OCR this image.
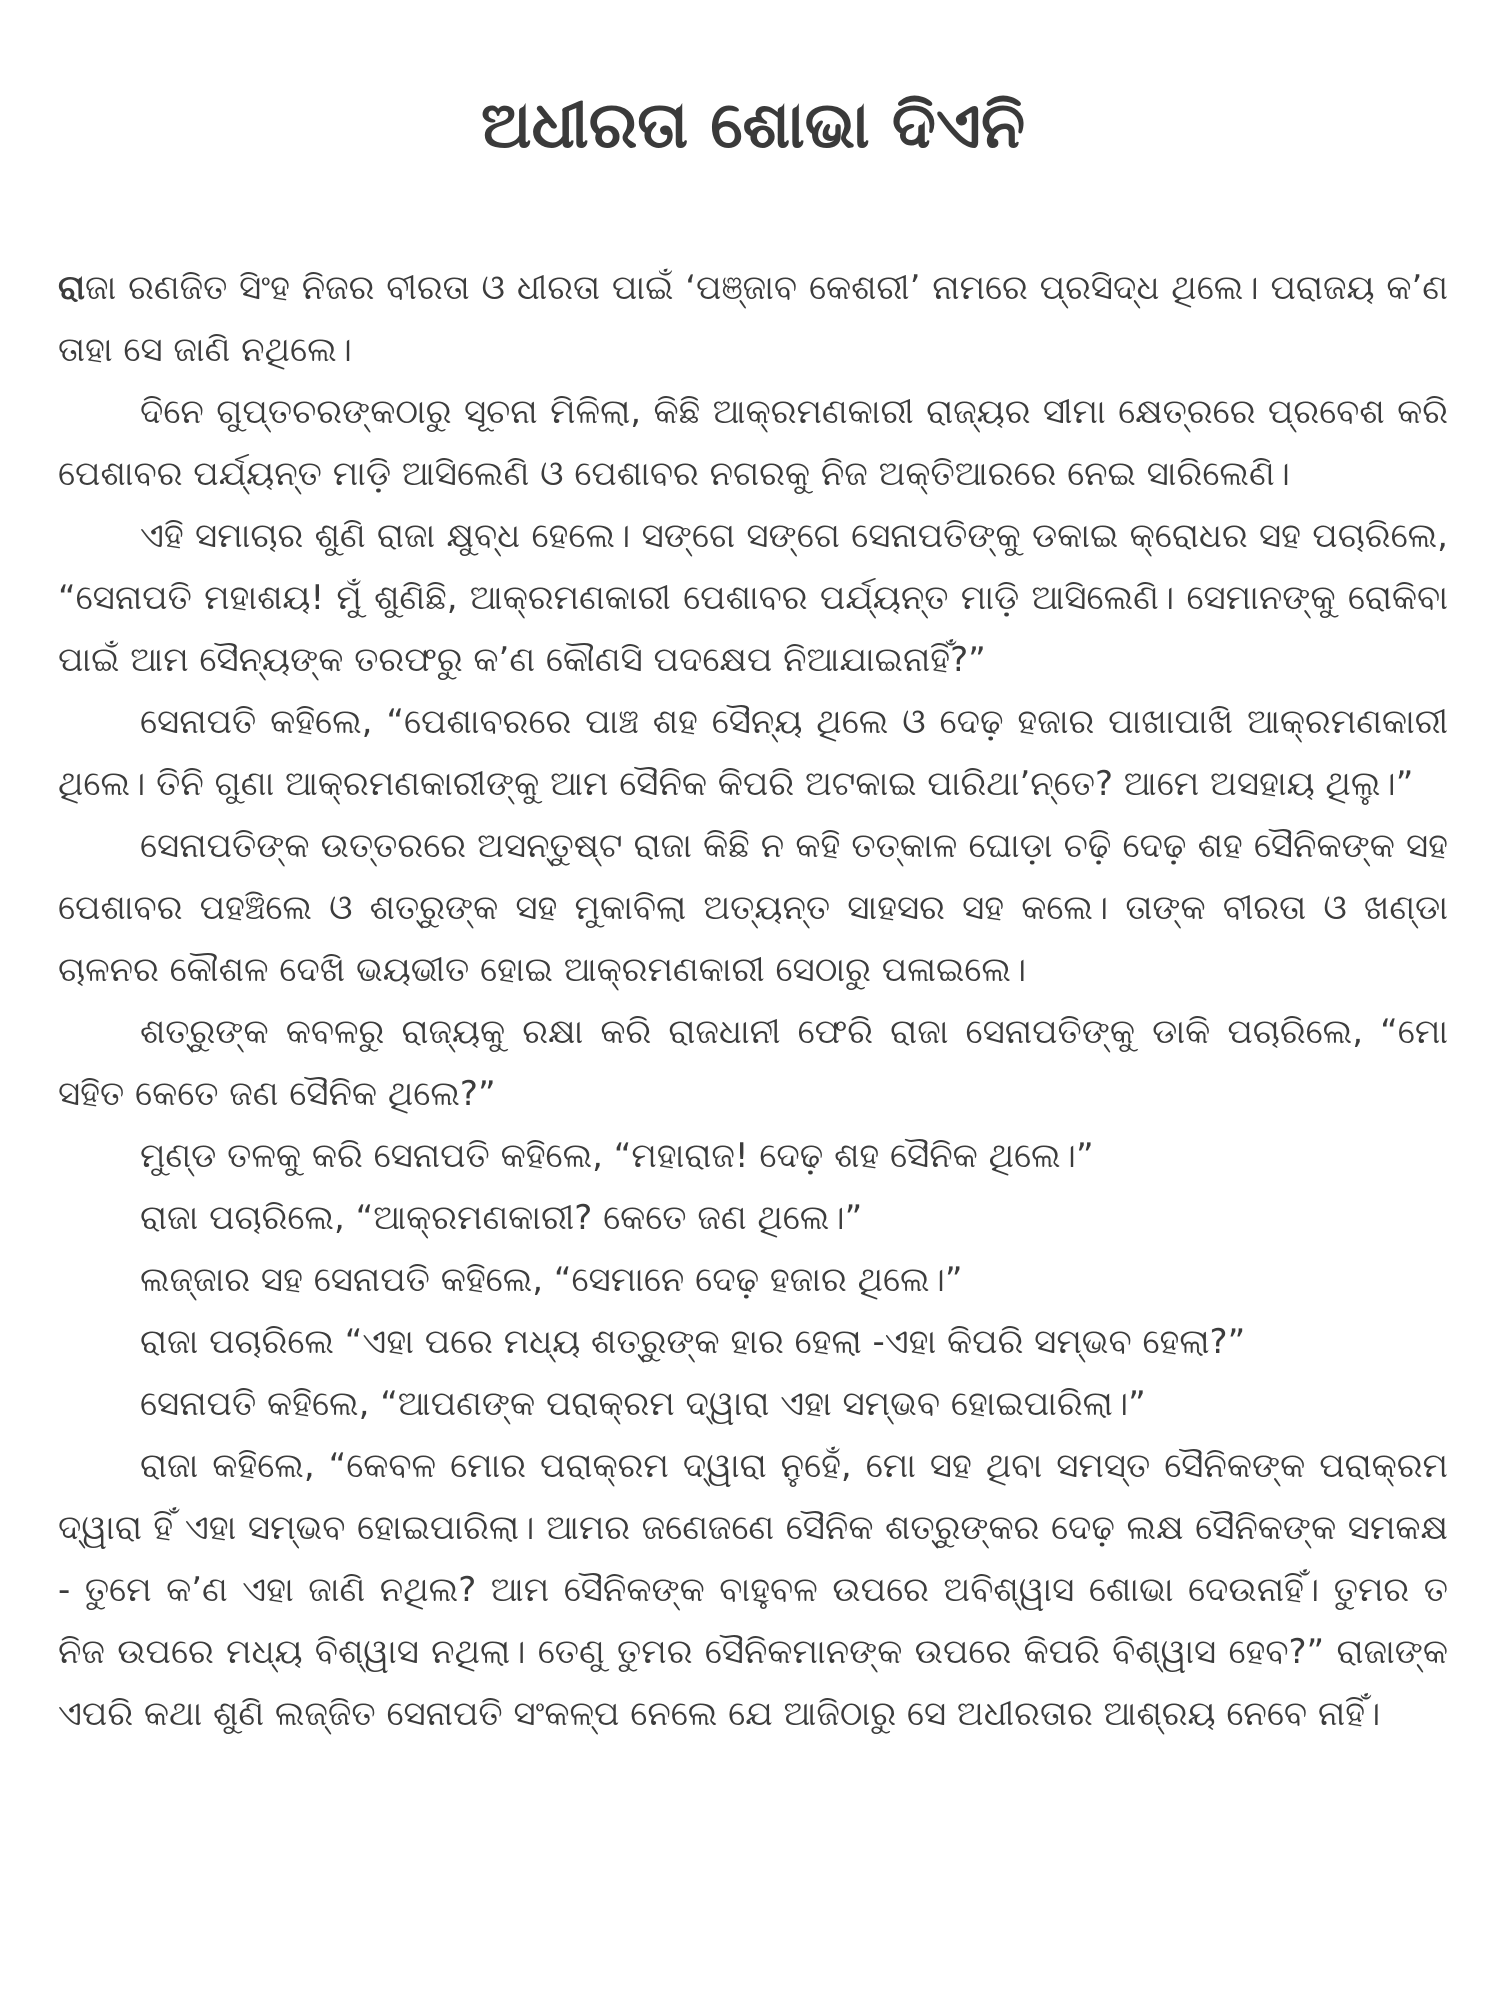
ଅଧୀରତା ଶୋଭା ଦିଏନି

ରାଜା ରଣଜିତ ସିଂହ ନିଜର ବୀରତା ଓ ଧୀରତା ପାଇଁ ‘ପଞ୍ଜାବ କେଶରୀ’ ନାମରେ ପ୍ରସିଦ୍ଧ ଥିଲେ। ପରାଜୟ କ’ଣ ତାହା ସେ ଜାଣି ନଥିଲେ।

ଦିନେ ଗୁପ୍ତଚରଙ୍କଠାରୁ ସୂଚନା ମିଳିଲା, କିଛି ଆକ୍ରମଣକାରୀ ରାଜ୍ୟର ସୀମା କ୍ଷେତ୍ରରେ ପ୍ରବେଶ କରି ପେଶାବର ପର୍ଯ୍ୟନ୍ତ ମାଡ଼ି ଆସିଲେଣି ଓ ପେଶାବର ନଗରକୁ ନିଜ ଅକ୍ତିଆରରେ ନେଇ ସାରିଲେଣି।

ଏହି ସମାଚାର ଶୁଣି ରାଜା କ୍ଷୁବ୍ଧ ହେଲେ। ସଙ୍ଗେ ସଙ୍ଗେ ସେନାପତିଙ୍କୁ ଡକାଇ କ୍ରୋଧର ସହ ପଚାରିଲେ, “ସେନାପତି ମହାଶୟ! ମୁଁ ଶୁଣିଛି, ଆକ୍ରମଣକାରୀ ପେଶାବର ପର୍ଯ୍ୟନ୍ତ ମାଡ଼ି ଆସିଲେଣି। ସେମାନଙ୍କୁ ରୋକିବା ପାଇଁ ଆମ ସୈନ୍ୟଙ୍କ ତରଫରୁ କ’ଣ କୌଣସି ପଦକ୍ଷେପ ନିଆଯାଇନାହିଁ?”

ସେନାପତି କହିଲେ, “ପେଶାବରରେ ପାଞ୍ଚ ଶହ ସୈନ୍ୟ ଥିଲେ ଓ ଦେଢ଼ ହଜାର ପାଖାପାଖି ଆକ୍ରମଣକାରୀ ଥିଲେ। ତିନି ଗୁଣା ଆକ୍ରମଣକାରୀଙ୍କୁ ଆମ ସୈନିକ କିପରି ଅଟକାଇ ପାରିଥା’ନ୍ତେ? ଆମେ ଅସହାୟ ଥିଲୁ।”

ସେନାପତିଙ୍କ ଉତ୍ତରରେ ଅସନ୍ତୁଷ୍ଟ ରାଜା କିଛି ନ କହି ତତ୍‌କାଳ ଘୋଡ଼ା ଚଢ଼ି ଦେଢ଼ ଶହ ସୈନିକଙ୍କ ସହ ପେଶାବର ପହଞ୍ଚିଲେ ଓ ଶତ୍ରୁଙ୍କ ସହ ମୁକାବିଲା ଅତ୍ୟନ୍ତ ସାହସର ସହ କଲେ। ତାଙ୍କ ବୀରତା ଓ ଖଣ୍ଡା ଚାଳନର କୌଶଳ ଦେଖି ଭୟଭୀତ ହୋଇ ଆକ୍ରମଣକାରୀ ସେଠାରୁ ପଳାଇଲେ।

ଶତ୍ରୁଙ୍କ କବଳରୁ ରାଜ୍ୟକୁ ରକ୍ଷା କରି ରାଜଧାନୀ ଫେରି ରାଜା ସେନାପତିଙ୍କୁ ଡାକି ପଚାରିଲେ, “ମୋ ସହିତ କେତେ ଜଣ ସୈନିକ ଥିଲେ?”

ମୁଣ୍ଡ ତଳକୁ କରି ସେନାପତି କହିଲେ, “ମହାରାଜ! ଦେଢ଼ ଶହ ସୈନିକ ଥିଲେ।”

ରାଜା ପଚାରିଲେ, “ଆକ୍ରମଣକାରୀ? କେତେ ଜଣ ଥିଲେ।”

ଲଜ୍ଜାର ସହ ସେନାପତି କହିଲେ, “ସେମାନେ ଦେଢ଼ ହଜାର ଥିଲେ।”

ରାଜା ପଚାରିଲେ “ଏହା ପରେ ମଧ୍ୟ ଶତ୍ରୁଙ୍କ ହାର ହେଲା -ଏହା କିପରି ସମ୍ଭବ ହେଲା?”

ସେନାପତି କହିଲେ, “ଆପଣଙ୍କ ପରାକ୍ରମ ଦ୍ୱାରା ଏହା ସମ୍ଭବ ହୋଇପାରିଲା।”

ରାଜା କହିଲେ, “କେବଳ ମୋର ପରାକ୍ରମ ଦ୍ୱାରା ନୁହେଁ, ମୋ ସହ ଥିବା ସମସ୍ତ ସୈନିକଙ୍କ ପରାକ୍ରମ ଦ୍ୱାରା ହିଁ ଏହା ସମ୍ଭବ ହୋଇପାରିଲା। ଆମର ଜଣେଜଣେ ସୈନିକ ଶତ୍ରୁଙ୍କର ଦେଢ଼ ଲକ୍ଷ ସୈନିକଙ୍କ ସମକକ୍ଷ - ତୁମେ କ’ଣ ଏହା ଜାଣି ନଥିଲ? ଆମ ସୈନିକଙ୍କ ବାହୁବଳ ଉପରେ ଅବିଶ୍ୱାସ ଶୋଭା ଦେଉନାହିଁ। ତୁମର ତ ନିଜ ଉପରେ ମଧ୍ୟ ବିଶ୍ୱାସ ନଥିଲା। ତେଣୁ ତୁମର ସୈନିକମାନଙ୍କ ଉପରେ କିପରି ବିଶ୍ୱାସ ହେବ?” ରାଜାଙ୍କ ଏପରି କଥା ଶୁଣି ଲଜ୍ଜିତ ସେନାପତି ସଂକଳ୍ପ ନେଲେ ଯେ ଆଜିଠାରୁ ସେ ଅଧୀରତାର ଆଶ୍ରୟ ନେବେ ନାହିଁ।
